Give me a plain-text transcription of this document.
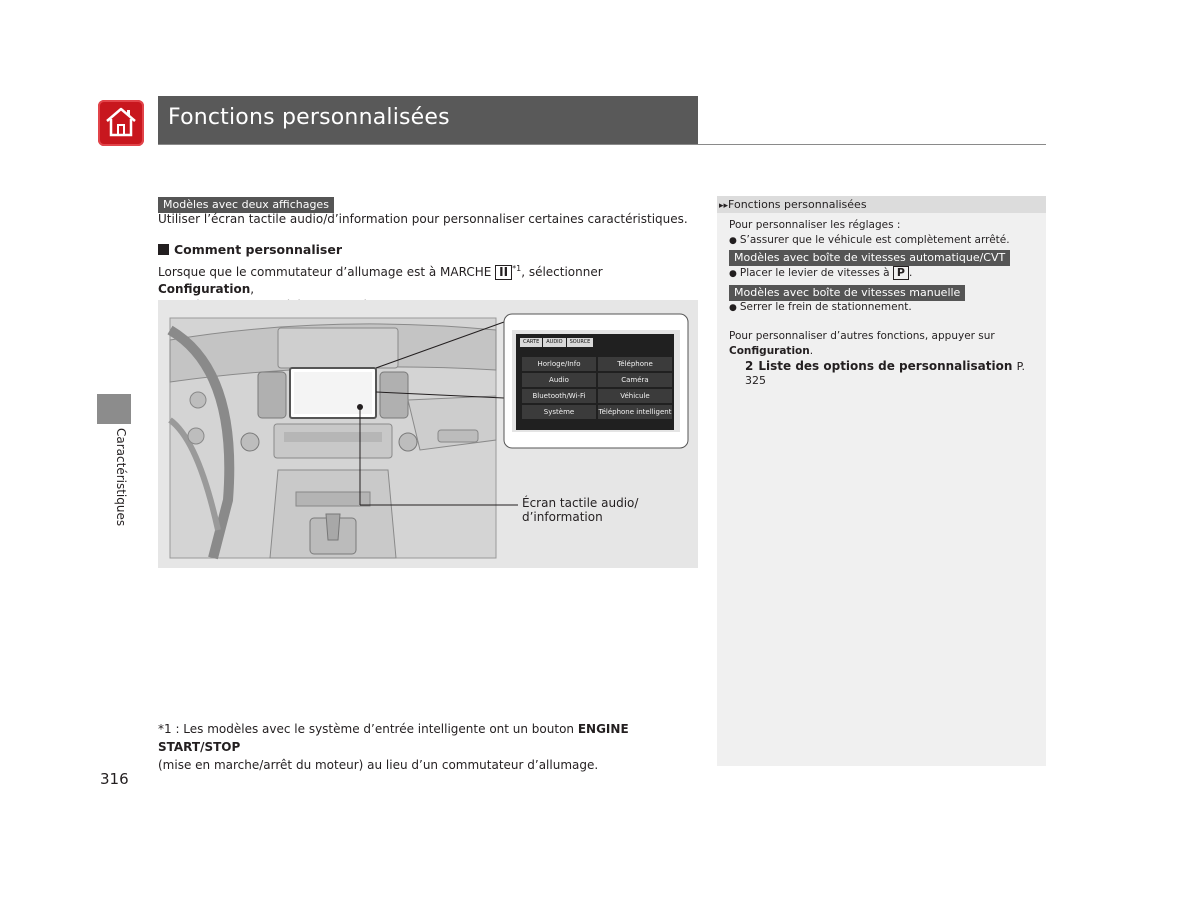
Fonctions personnalisées
Caractéristiques
Modèles avec deux affichages
Utiliser l’écran tactile audio/d’information pour personnaliser certaines caractéristiques.
Comment personnaliser
Lorsque que le commutateur d’allumage est à MARCHE II $^{*1}$, sélectionner Configuration,

CARTE	AUDIO	SOURCE
Horloge/Info	Téléphone
Audio	Caméra
Bluetooth/Wi-Fi	Véhicule
Système	Téléphone intelligent
Écran tactile audio/
d’information
*1 : Les modèles avec le système d’entrée intelligente ont un bouton ENGINE START/STOP
(mise en marche/arrêt du moteur) au lieu d’un commutateur d’allumage.
316
▸▸Fonctions personnalisées
Pour personnaliser les réglages :
● S’assurer que le véhicule est complètement arrêté.
Modèles avec boîte de vitesses automatique/CVT
● Placer le levier de vitesses à P .
Modèles avec boîte de vitesses manuelle
● Serrer le frein de stationnement.
Pour personnaliser d’autres fonctions, appuyer sur
Configuration.
2 Liste des options de personnalisation P. 325
